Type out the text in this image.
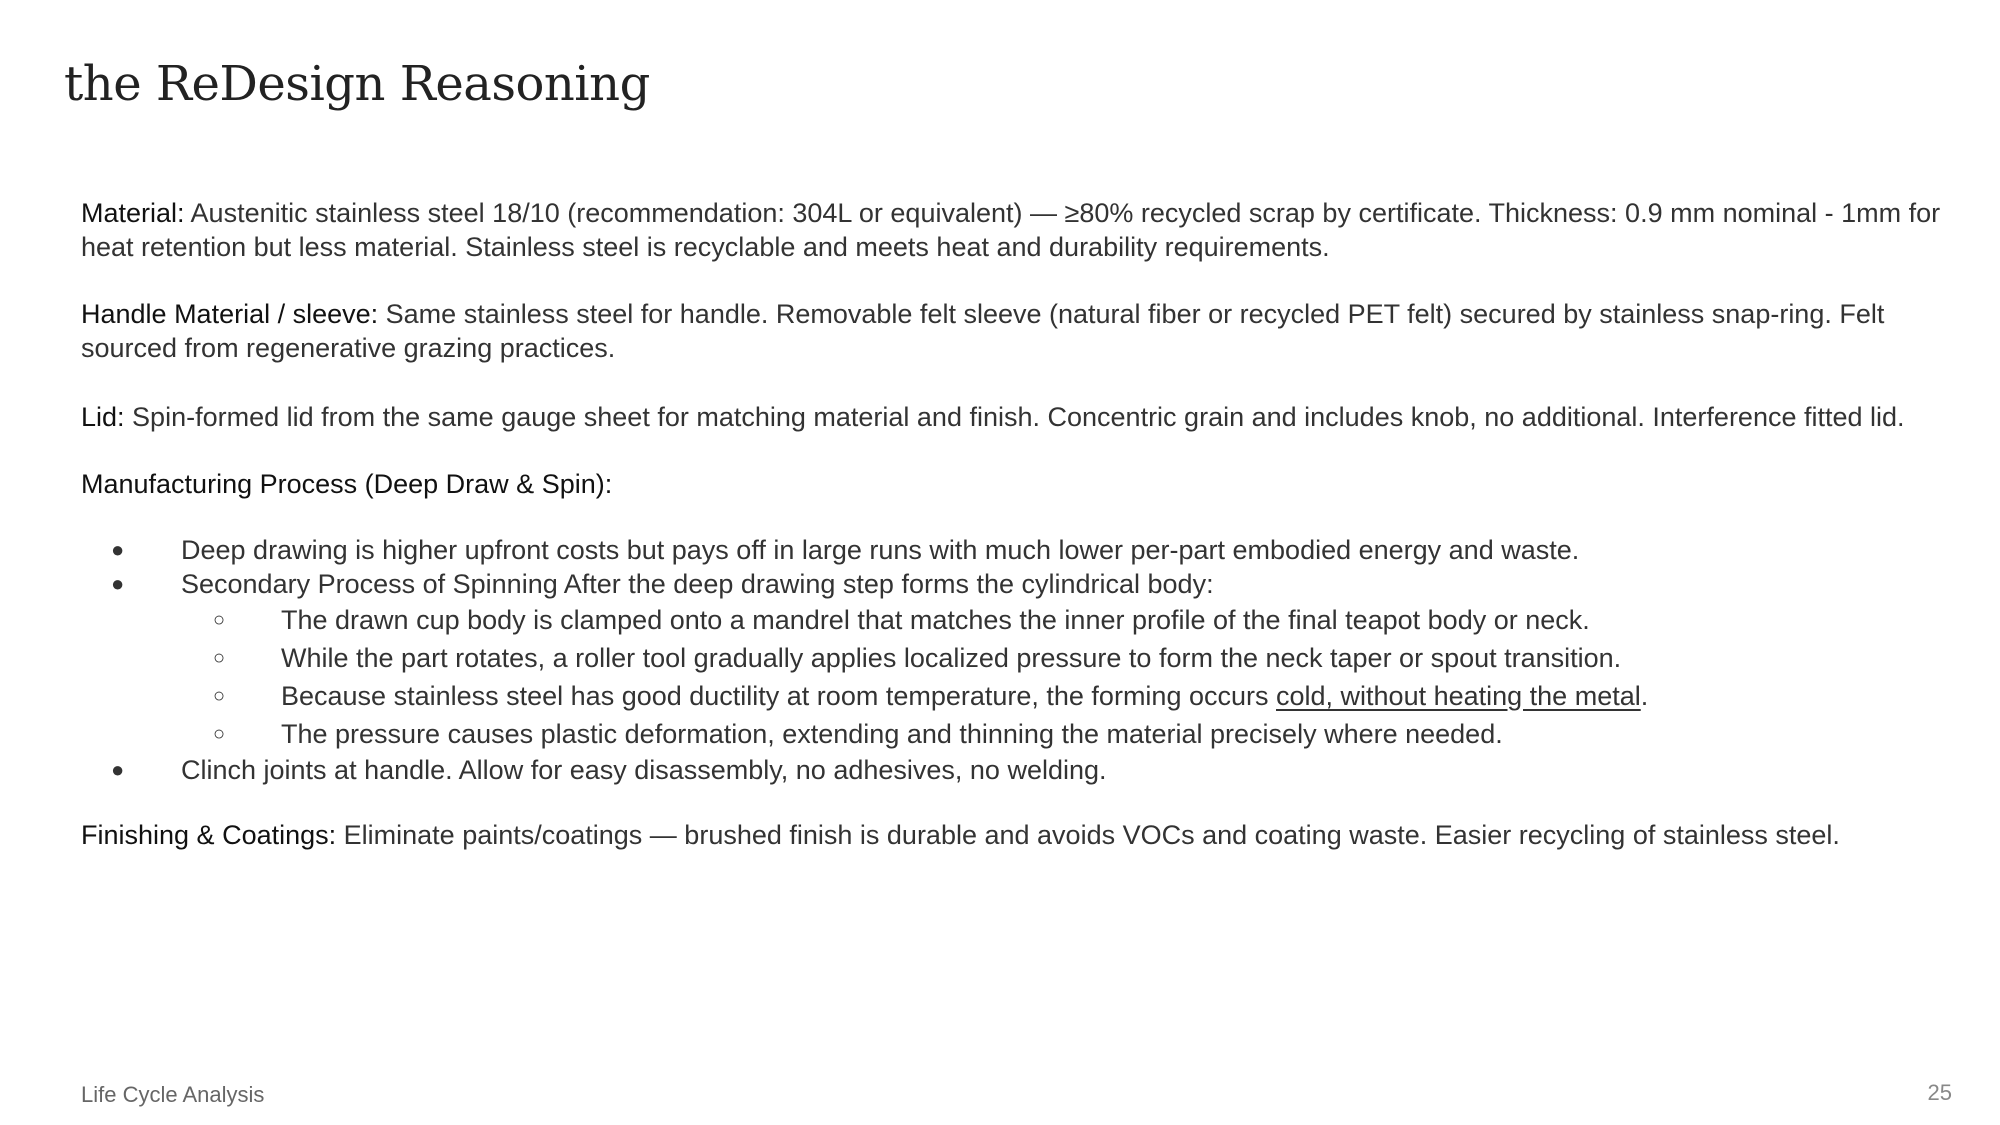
the ReDesign Reasoning

Material: Austenitic stainless steel 18/10 (recommendation: 304L or equivalent) — ≥80% recycled scrap by certificate. Thickness: 0.9 mm nominal - 1mm for heat retention but less material. Stainless steel is recyclable and meets heat and durability requirements.

Handle Material / sleeve: Same stainless steel for handle. Removable felt sleeve (natural fiber or recycled PET felt) secured by stainless snap-ring. Felt sourced from regenerative grazing practices.

Lid: Spin-formed lid from the same gauge sheet for matching material and finish. Concentric grain and includes knob, no additional. Interference fitted lid.

Manufacturing Process (Deep Draw & Spin):

● Deep drawing is higher upfront costs but pays off in large runs with much lower per-part embodied energy and waste.
● Secondary Process of Spinning After the deep drawing step forms the cylindrical body:
○ The drawn cup body is clamped onto a mandrel that matches the inner profile of the final teapot body or neck.
○ While the part rotates, a roller tool gradually applies localized pressure to form the neck taper or spout transition.
○ Because stainless steel has good ductility at room temperature, the forming occurs cold, without heating the metal.
○ The pressure causes plastic deformation, extending and thinning the material precisely where needed.
● Clinch joints at handle. Allow for easy disassembly, no adhesives, no welding.

Finishing & Coatings: Eliminate paints/coatings — brushed finish is durable and avoids VOCs and coating waste. Easier recycling of stainless steel.

Life Cycle Analysis	25
